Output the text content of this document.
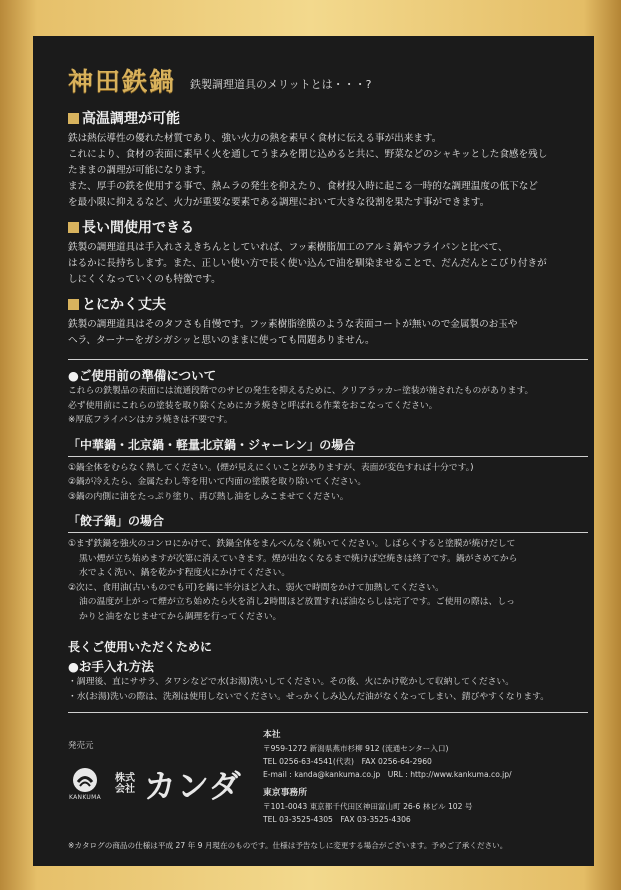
神田鉄鍋 鉄製調理道具のメリットとは・・・?
高温調理が可能
鉄は熱伝導性の優れた材質であり、強い火力の熱を素早く食材に伝える事が出来ます。
これにより、食材の表面に素早く火を通してうまみを閉じ込めると共に、野菜などのシャキッとした食感を残し
たままの調理が可能になります。
また、厚手の鉄を使用する事で、熱ムラの発生を抑えたり、食材投入時に起こる一時的な調理温度の低下など
を最小限に抑えるなど、火力が重要な要素である調理において大きな役割を果たす事ができます。
長い間使用できる
鉄製の調理道具は手入れさえきちんとしていれば、フッ素樹脂加工のアルミ鍋やフライパンと比べて、
はるかに長持ちします。また、正しい使い方で長く使い込んで油を馴染ませることで、だんだんとこびり付きが
しにくくなっていくのも特徴です。
とにかく丈夫
鉄製の調理道具はそのタフさも自慢です。フッ素樹脂塗膜のような表面コートが無いので金属製のお玉や
ヘラ、ターナーをガシガシッと思いのままに使っても問題ありません。
●ご使用前の準備について
これらの鉄製品の表面には流通段階でのサビの発生を抑えるために、クリアラッカー塗装が施されたものがあります。
必ず使用前にこれらの塗装を取り除くためにカラ焼きと呼ばれる作業をおこなってください。
※厚底フライパンはカラ焼きは不要です。
「中華鍋・北京鍋・軽量北京鍋・ジャーレン」の場合
①鍋全体をむらなく熱してください。(煙が見えにくいことがありますが、表面が変色すれば十分です。)
②鍋が冷えたら、金属たわし等を用いて内面の塗膜を取り除いてください。
③鍋の内側に油をたっぷり塗り、再び熱し油をしみこませてください。
「餃子鍋」の場合
①まず鉄鍋を強火のコンロにかけて、鉄鍋全体をまんべんなく焼いてください。しばらくすると塗膜が焼けだして
黒い煙が立ち始めますが次第に消えていきます。煙が出なくなるまで焼けば空焼きは終了です。鍋がさめてから
水でよく洗い、鍋を乾かす程度火にかけてください。
②次に、食用油(古いものでも可)を鍋に半分ほど入れ、弱火で時間をかけて加熱してください。
油の温度が上がって煙が立ち始めたら火を消し2時間ほど放置すれば油ならしは完了です。ご使用の際は、しっ
かりと油をなじませてから調理を行ってください。
長くご使用いただくために
●お手入れ方法
・調理後、直にササラ、タワシなどで水(お湯)洗いしてください。その後、火にかけ乾かして収納してください。
・水(お湯)洗いの際は、洗剤は使用しないでください。せっかくしみ込んだ油がなくなってしまい、錆びやすくなります。
発売元
KANKUMA
株式
会社 カンダ
本社
〒959-1272 新潟県燕市杉柳 912 (流通センター入口)
TEL 0256-63-4541(代表)　FAX 0256-64-2960
E-mail : kanda@kankuma.co.jp　URL : http://www.kankuma.co.jp/
東京事務所
〒101-0043 東京都千代田区神田富山町 26-6 林ビル 102 号
TEL 03-3525-4305　FAX 03-3525-4306
※カタログの商品の仕様は平成 27 年 9 月現在のものです。仕様は予告なしに変更する場合がございます。予めご了承ください。
